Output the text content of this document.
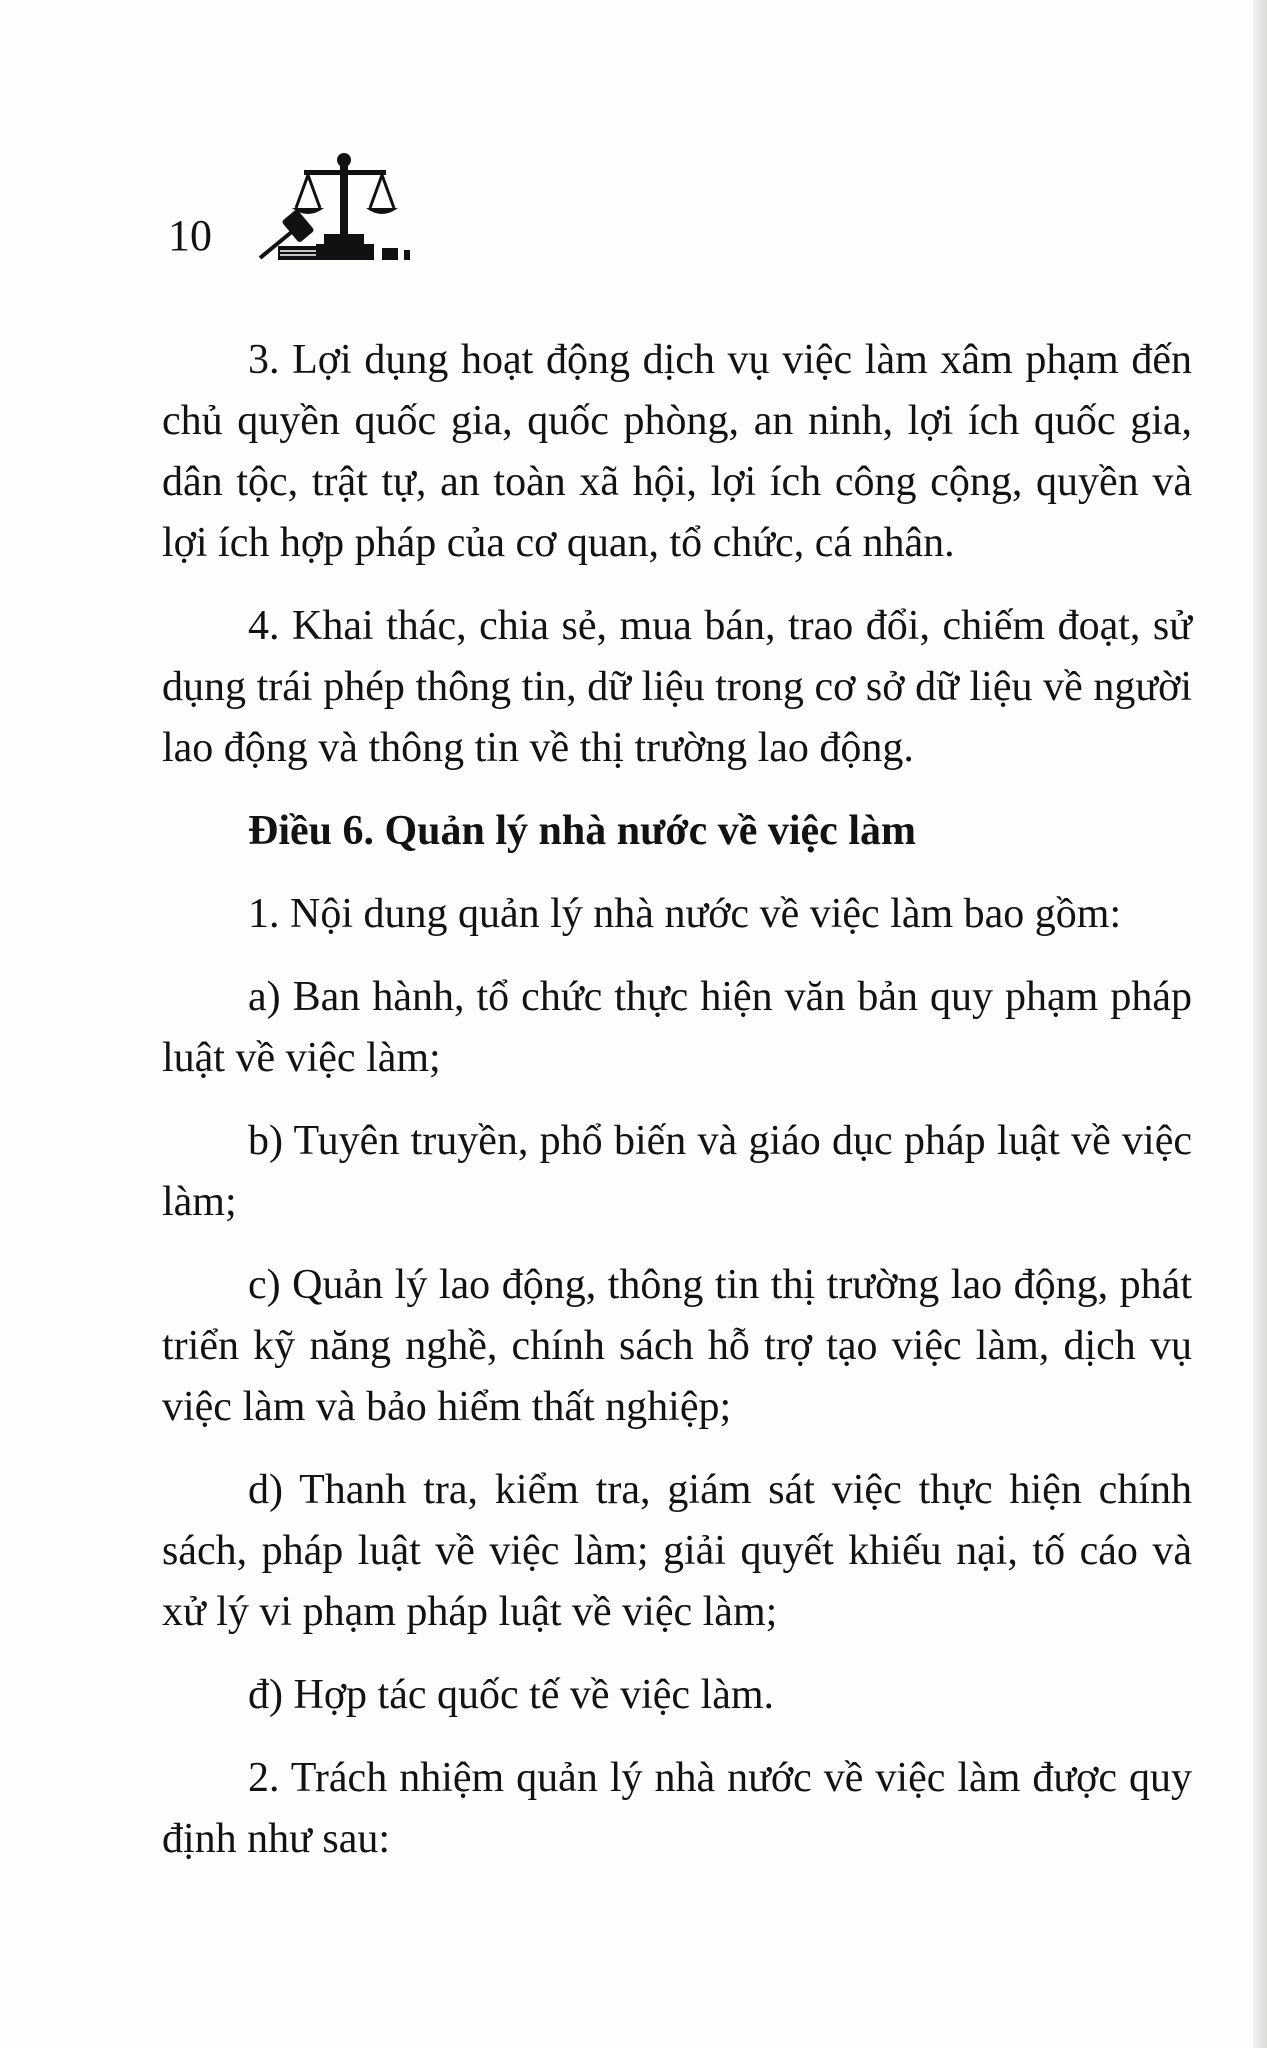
10

3. Lợi dụng hoạt động dịch vụ việc làm xâm phạm đến chủ quyền quốc gia, quốc phòng, an ninh, lợi ích quốc gia, dân tộc, trật tự, an toàn xã hội, lợi ích công cộng, quyền và lợi ích hợp pháp của cơ quan, tổ chức, cá nhân.

4. Khai thác, chia sẻ, mua bán, trao đổi, chiếm đoạt, sử dụng trái phép thông tin, dữ liệu trong cơ sở dữ liệu về người lao động và thông tin về thị trường lao động.

Điều 6. Quản lý nhà nước về việc làm

1. Nội dung quản lý nhà nước về việc làm bao gồm:

a) Ban hành, tổ chức thực hiện văn bản quy phạm pháp luật về việc làm;

b) Tuyên truyền, phổ biến và giáo dục pháp luật về việc làm;

c) Quản lý lao động, thông tin thị trường lao động, phát triển kỹ năng nghề, chính sách hỗ trợ tạo việc làm, dịch vụ việc làm và bảo hiểm thất nghiệp;

d) Thanh tra, kiểm tra, giám sát việc thực hiện chính sách, pháp luật về việc làm; giải quyết khiếu nại, tố cáo và xử lý vi phạm pháp luật về việc làm;

đ) Hợp tác quốc tế về việc làm.

2. Trách nhiệm quản lý nhà nước về việc làm được quy định như sau:
